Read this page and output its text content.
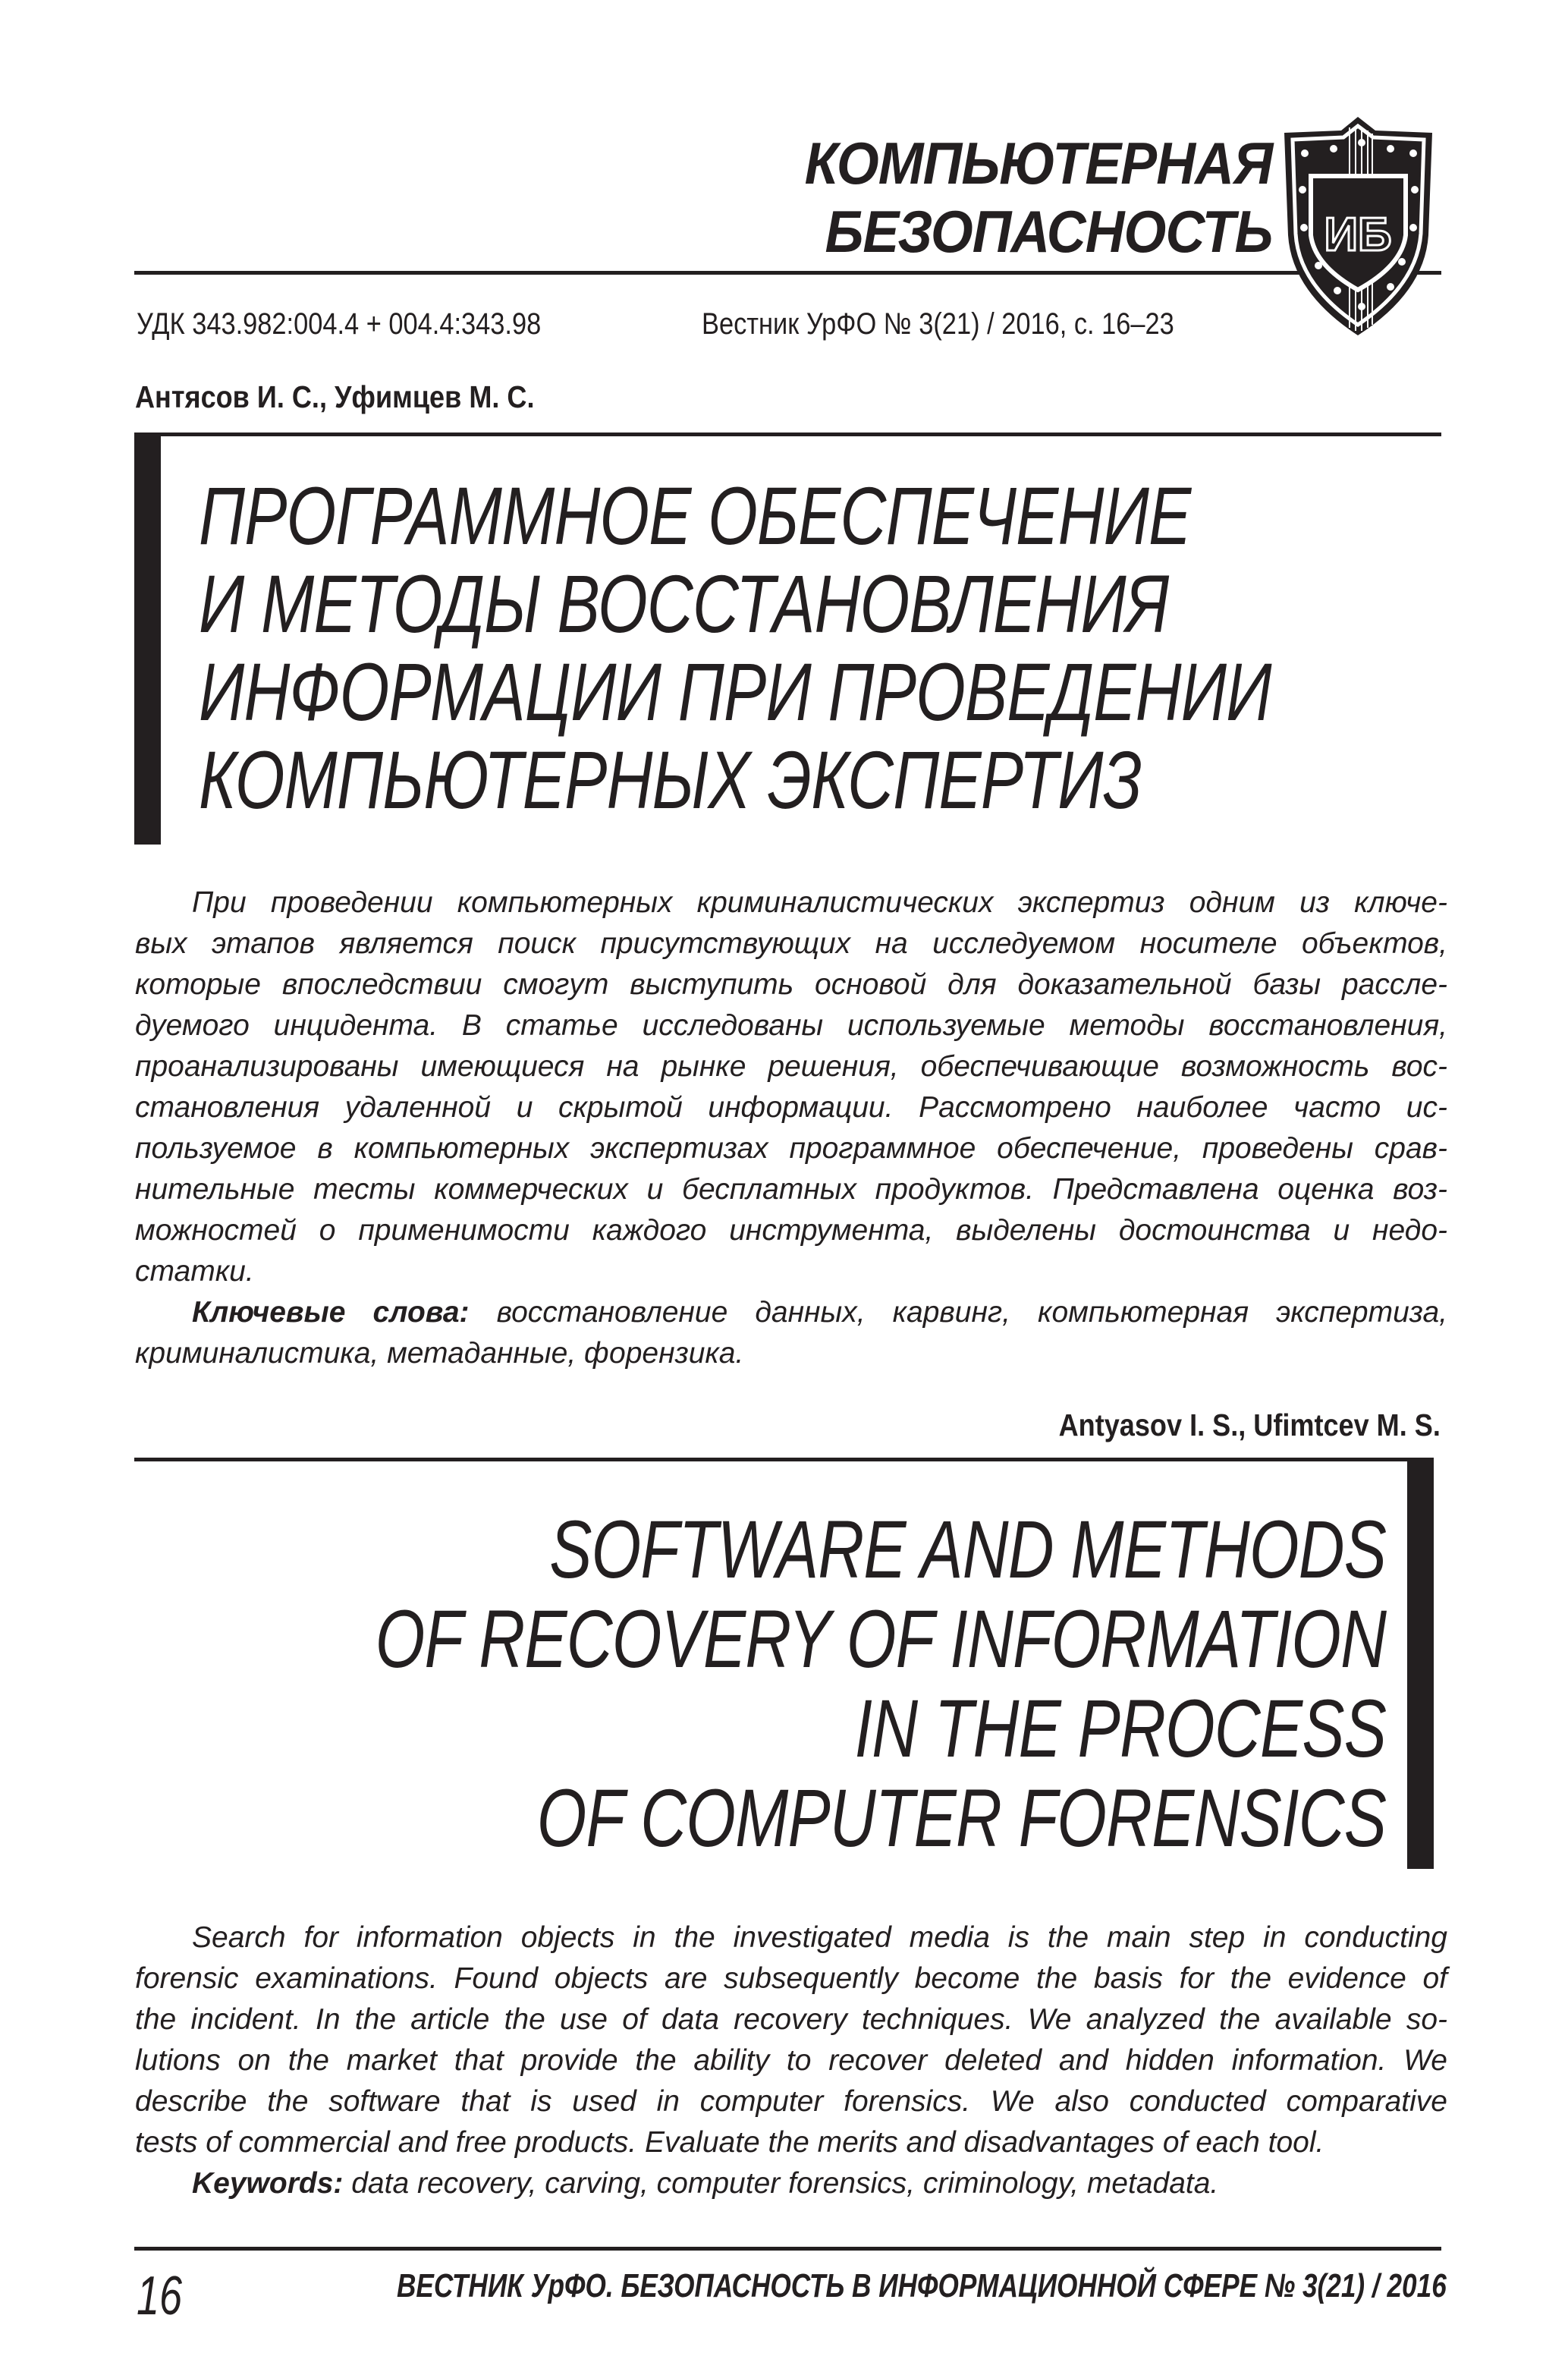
КОМПЬЮТЕРНАЯ
БЕЗОПАСНОСТЬ ИБ
УДК 343.982:004.4 + 004.4:343.98	Вестник УрФО № 3(21) / 2016, с. 16–23
Антясов И. С., Уфимцев М. С.
ПРОГРАММНОЕ ОБЕСПЕЧЕНИЕ
И МЕТОДЫ ВОССТАНОВЛЕНИЯ
ИНФОРМАЦИИ ПРИ ПРОВЕДЕНИИ
КОМПЬЮТЕРНЫХ ЭКСПЕРТИЗ
При проведении компьютерных криминалистических экспертиз одним из ключе-
вых этапов является поиск присутствующих на исследуемом носителе объектов,
которые впоследствии смогут выступить основой для доказательной базы рассле-
дуемого инцидента. В статье исследованы используемые методы восстановления,
проанализированы имеющиеся на рынке решения, обеспечивающие возможность вос-
становления удаленной и скрытой информации. Рассмотрено наиболее часто ис-
пользуемое в компьютерных экспертизах программное обеспечение, проведены срав-
нительные тесты коммерческих и бесплатных продуктов. Представлена оценка воз-
можностей о применимости каждого инструмента, выделены достоинства и недо-
статки.
Ключевые слова: восстановление данных, карвинг, компьютерная экспертиза,
криминалистика, метаданные, форензика.
Antyasov I. S., Ufimtcev M. S.
SOFTWARE AND METHODS
OF RECOVERY OF INFORMATION
IN THE PROCESS
OF COMPUTER FORENSICS
Search for information objects in the investigated media is the main step in conducting
forensic examinations. Found objects are subsequently become the basis for the evidence of
the incident. In the article the use of data recovery techniques. We analyzed the available so-
lutions on the market that provide the ability to recover deleted and hidden information. We
describe the software that is used in computer forensics. We also conducted comparative
tests of commercial and free products. Evaluate the merits and disadvantages of each tool.
Keywords: data recovery, carving, computer forensics, criminology, metadata.
16	ВЕСТНИК УрФО. БЕЗОПАСНОСТЬ В ИНФОРМАЦИОННОЙ СФЕРЕ № 3(21) / 2016
